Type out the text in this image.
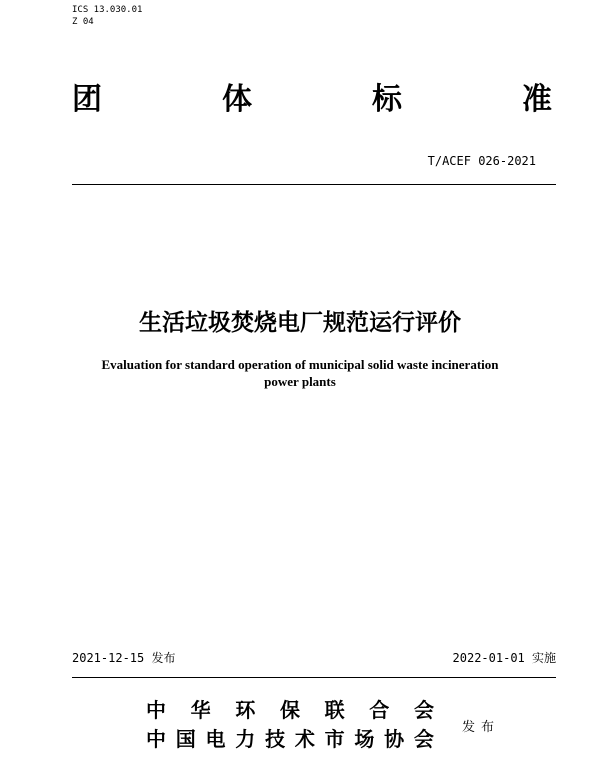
ICS 13.030.01
Z 04
团	体	标	准
T/ACEF 026-2021
生活垃圾焚烧电厂规范运行评价
Evaluation for standard operation of municipal solid waste incineration
power plants
2021-12-15 发布	2022-01-01 实施
中 华 环 保 联 合 会
中 国 电 力 技 术 市 场 协 会 发布
